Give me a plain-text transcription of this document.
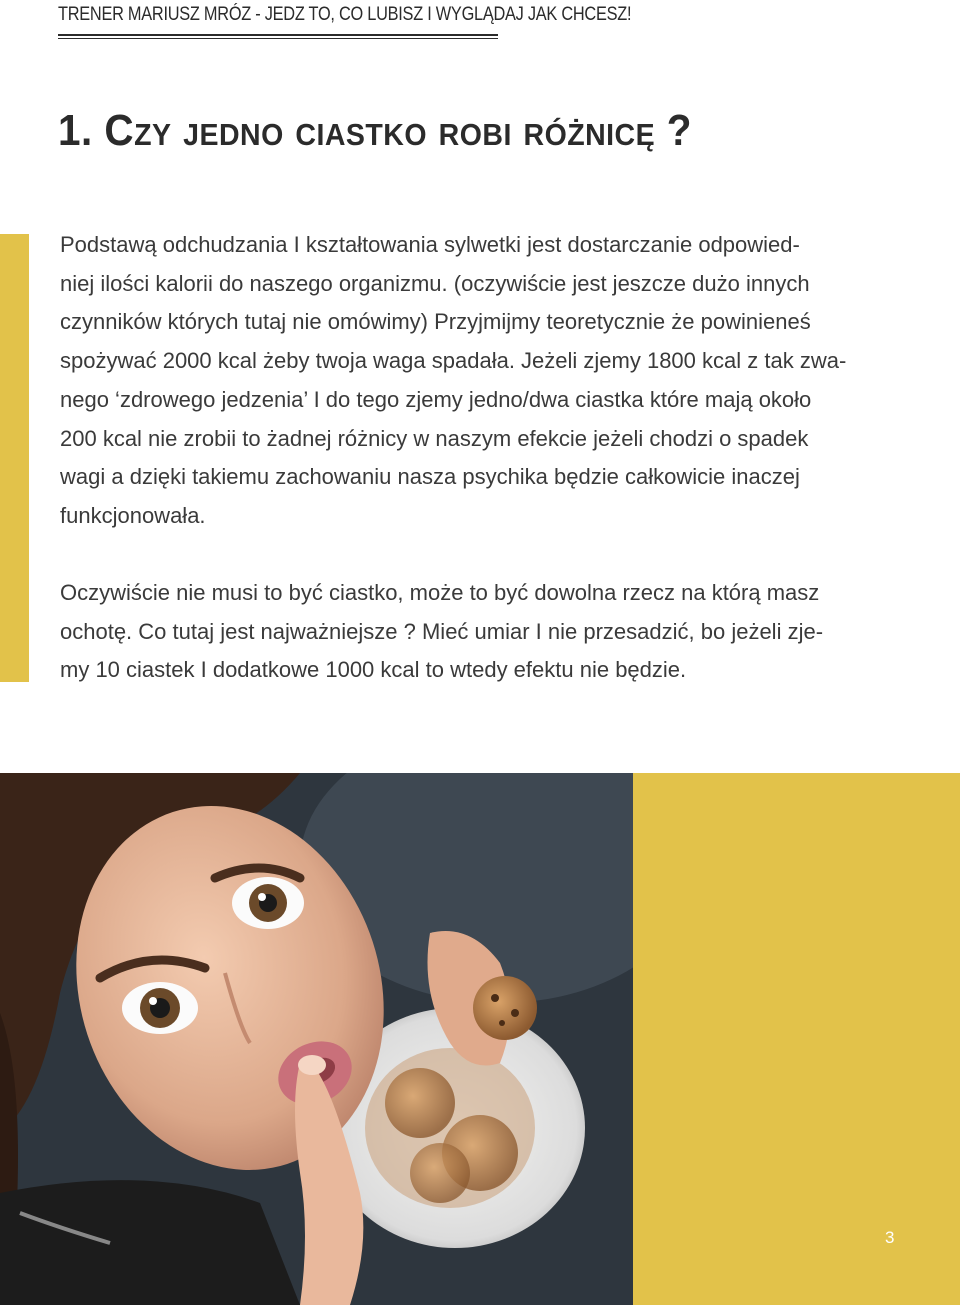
TRENER MARIUSZ MRÓZ - JEDZ TO, CO LUBISZ I WYGLĄDAJ JAK CHCESZ!
1. Czy jedno ciastko robi różnicę ?

Podstawą odchudzania I kształtowania sylwetki jest dostarczanie odpowied-
niej ilości kalorii do naszego organizmu. (oczywiście jest jeszcze dużo innych
czynników których tutaj nie omówimy) Przyjmijmy teoretycznie że powinieneś
spożywać 2000 kcal żeby twoja waga spadała. Jeżeli zjemy 1800 kcal z tak zwa-
nego ‘zdrowego jedzenia’ I do tego zjemy jedno/dwa ciastka które mają około
200 kcal nie zrobii to żadnej różnicy w naszym efekcie jeżeli chodzi o spadek
wagi a dzięki takiemu zachowaniu nasza psychika będzie całkowicie inaczej
funkcjonowała.

Oczywiście nie musi to być ciastko, może to być dowolna rzecz na którą masz
ochotę. Co tutaj jest najważniejsze ? Mieć umiar I nie przesadzić, bo jeżeli zje-
my 10 ciastek I dodatkowe 1000 kcal to wtedy efektu nie będzie.

3
